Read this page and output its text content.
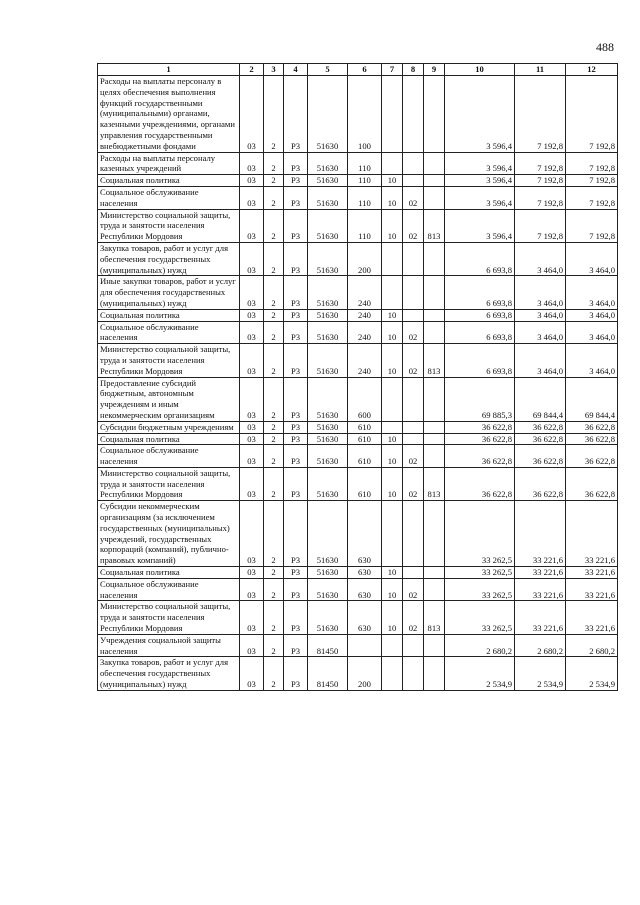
488
1	2	3	4	5	6	7	8	9	10	11	12
Расходы на выплаты персоналу в целях обеспечения выполнения функций государственными (муниципальными) органами, казенными учреждениями, органами управления государственными внебюджетными фондами	03	2	Р3	51630	100				3 596,4	7 192,8	7 192,8
Расходы на выплаты персоналу казенных учреждений	03	2	Р3	51630	110				3 596,4	7 192,8	7 192,8
Социальная политика	03	2	Р3	51630	110	10			3 596,4	7 192,8	7 192,8
Социальное обслуживание населения	03	2	Р3	51630	110	10	02		3 596,4	7 192,8	7 192,8
Министерство социальной защиты, труда и занятости населения Республики Мордовия	03	2	Р3	51630	110	10	02	813	3 596,4	7 192,8	7 192,8
Закупка товаров, работ и услуг для обеспечения государственных (муниципальных) нужд	03	2	Р3	51630	200				6 693,8	3 464,0	3 464,0
Иные закупки товаров, работ и услуг для обеспечения государственных (муниципальных) нужд	03	2	Р3	51630	240				6 693,8	3 464,0	3 464,0
Социальная политика	03	2	Р3	51630	240	10			6 693,8	3 464,0	3 464,0
Социальное обслуживание населения	03	2	Р3	51630	240	10	02		6 693,8	3 464,0	3 464,0
Министерство социальной защиты, труда и занятости населения Республики Мордовия	03	2	Р3	51630	240	10	02	813	6 693,8	3 464,0	3 464,0
Предоставление субсидий бюджетным, автономным учреждениям и иным некоммерческим организациям	03	2	Р3	51630	600				69 885,3	69 844,4	69 844,4
Субсидии бюджетным учреждениям	03	2	Р3	51630	610				36 622,8	36 622,8	36 622,8
Социальная политика	03	2	Р3	51630	610	10			36 622,8	36 622,8	36 622,8
Социальное обслуживание населения	03	2	Р3	51630	610	10	02		36 622,8	36 622,8	36 622,8
Министерство социальной защиты, труда и занятости населения Республики Мордовия	03	2	Р3	51630	610	10	02	813	36 622,8	36 622,8	36 622,8
Субсидии некоммерческим организациям (за исключением государственных (муниципальных) учреждений, государственных корпораций (компаний), публично-правовых компаний)	03	2	Р3	51630	630				33 262,5	33 221,6	33 221,6
Социальная политика	03	2	Р3	51630	630	10			33 262,5	33 221,6	33 221,6
Социальное обслуживание населения	03	2	Р3	51630	630	10	02		33 262,5	33 221,6	33 221,6
Министерство социальной защиты, труда и занятости населения Республики Мордовия	03	2	Р3	51630	630	10	02	813	33 262,5	33 221,6	33 221,6
Учреждения социальной защиты населения	03	2	Р3	81450					2 680,2	2 680,2	2 680,2
Закупка товаров, работ и услуг для обеспечения государственных (муниципальных) нужд	03	2	Р3	81450	200				2 534,9	2 534,9	2 534,9
